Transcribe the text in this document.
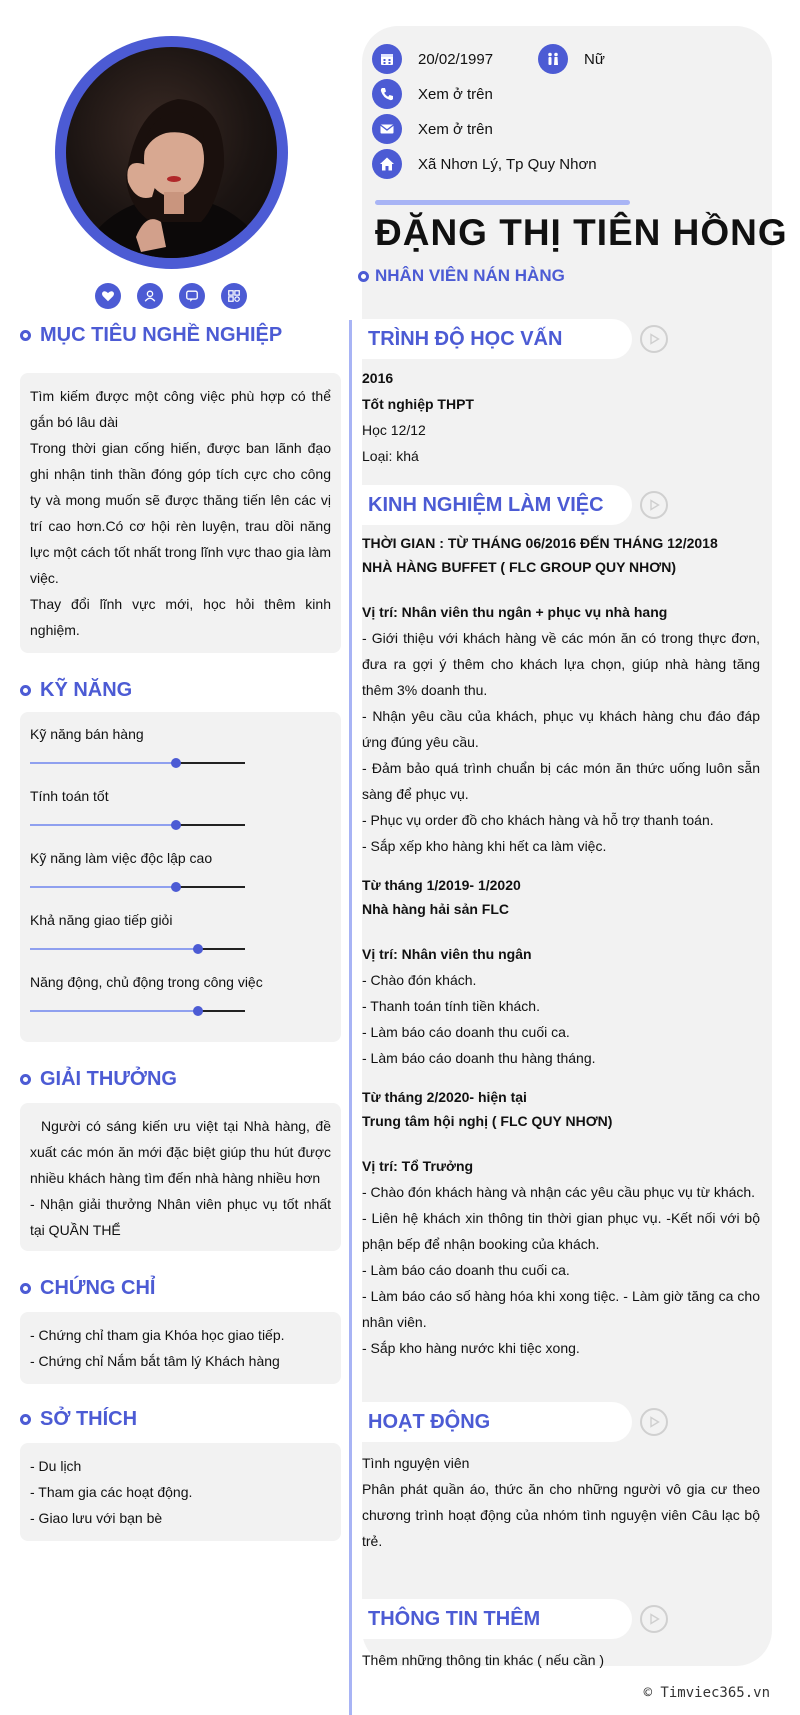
20/02/1997	Nữ
Xem ở trên
Xem ở trên
Xã Nhơn Lý, Tp Quy Nhơn
ĐẶNG THỊ TIÊN HỒNG
NHÂN VIÊN NÁN HÀNG
MỤC TIÊU NGHỀ NGHIỆP
Tìm kiếm được một công việc phù hợp có thể gắn bó lâu dài
Trong thời gian cống hiến, được ban lãnh đạo ghi nhận tinh thần đóng góp tích cực cho công ty và mong muốn sẽ được thăng tiến lên các vị trí cao hơn.Có cơ hội rèn luyện, trau dồi năng lực một cách tốt nhất trong lĩnh vực thao gia làm việc.
Thay đổi lĩnh vực mới, học hỏi thêm kinh nghiệm.
KỸ NĂNG
Kỹ năng bán hàng
Tính toán tốt
Kỹ năng làm việc độc lập cao
Khả năng giao tiếp giỏi
Năng động, chủ động trong công việc
GIẢI THƯỞNG
Người có sáng kiến ưu việt tại Nhà hàng, đề xuất các món ăn mới đặc biệt giúp thu hút được nhiều khách hàng tìm đến nhà hàng nhiều hơn
- Nhận giải thưởng Nhân viên phục vụ tốt nhất tại QUẦN THỂ
CHỨNG CHỈ
- Chứng chỉ tham gia Khóa học giao tiếp.
- Chứng chỉ Nắm bắt tâm lý Khách hàng
SỞ THÍCH
- Du lịch
- Tham gia các hoạt động.
- Giao lưu với bạn bè
TRÌNH ĐỘ HỌC VẤN
2016
Tốt nghiệp THPT
Học 12/12
Loại: khá
KINH NGHIỆM LÀM VIỆC
THỜI GIAN : TỪ THÁNG 06/2016 ĐẾN THÁNG 12/2018
NHÀ HÀNG BUFFET ( FLC GROUP QUY NHƠN)
Vị trí: Nhân viên thu ngân + phục vụ nhà hang
- Giới thiệu với khách hàng về các món ăn có trong thực đơn, đưa ra gợi ý thêm cho khách lựa chọn, giúp nhà hàng tăng thêm 3% doanh thu.
- Nhận yêu cầu của khách, phục vụ khách hàng chu đáo đáp ứng đúng yêu cầu.
- Đảm bảo quá trình chuẩn bị các món ăn thức uống luôn sẵn sàng để phục vụ.
- Phục vụ order đồ cho khách hàng và hỗ trợ thanh toán.
- Sắp xếp kho hàng khi hết ca làm việc.
Từ tháng 1/2019- 1/2020
Nhà hàng hải sản FLC
Vị trí: Nhân viên thu ngân
- Chào đón khách.
- Thanh toán tính tiền khách.
- Làm báo cáo doanh thu cuối ca.
- Làm báo cáo doanh thu hàng tháng.
Từ tháng 2/2020- hiện tại
Trung tâm hội nghị ( FLC QUY NHƠN)
Vị trí: Tổ Trưởng
- Chào đón khách hàng và nhận các yêu cầu phục vụ từ khách.
- Liên hệ khách xin thông tin thời gian phục vụ. -Kết nối với bộ phận bếp để nhận booking của khách.
- Làm báo cáo doanh thu cuối ca.
- Làm báo cáo số hàng hóa khi xong tiệc. - Làm giờ tăng ca cho nhân viên.
- Sắp kho hàng nước khi tiệc xong.
HOẠT ĐỘNG
Tình nguyện viên
Phân phát quần áo, thức ăn cho những người vô gia cư theo chương trình hoạt động của nhóm tình nguyện viên Câu lạc bộ trẻ.
THÔNG TIN THÊM
Thêm những thông tin khác ( nếu cần )
© Timviec365.vn
